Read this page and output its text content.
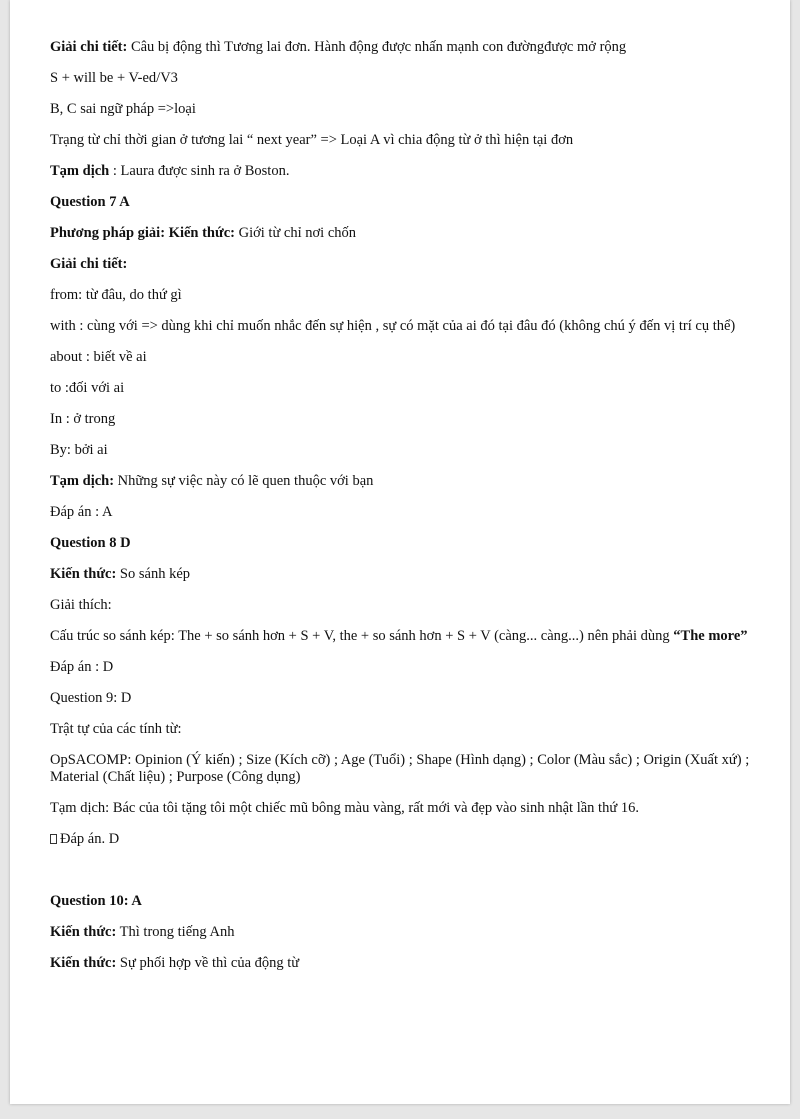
Giải chi tiết: Câu bị động thì Tương lai đơn. Hành động được nhấn mạnh con đườngđược mở rộng
S + will be + V-ed/V3
B, C sai ngữ pháp =>loại
Trạng từ chỉ thời gian ở tương lai “ next year” => Loại A vì chia động từ ở thì hiện tại đơn
Tạm dịch : Laura được sinh ra ở Boston.
Question 7 A
Phương pháp giải: Kiến thức: Giới từ chỉ nơi chốn
Giải chi tiết:
from: từ đâu, do thứ gì
with : cùng với => dùng khi chỉ muốn nhắc đến sự hiện , sự có mặt của ai đó tại đâu đó (không chú ý đến vị trí cụ thể)
about : biết về ai
to :đối với ai
In : ở trong
By: bởi ai
Tạm dịch: Những sự việc này có lẽ quen thuộc với bạn
Đáp án : A
Question 8 D
Kiến thức: So sánh kép
Giải thích:
Cấu trúc so sánh kép: The + so sánh hơn + S + V, the + so sánh hơn + S + V (càng... càng...) nên phải dùng “The more”
Đáp án : D
Question 9: D
Trật tự của các tính từ:
OpSACOMP: Opinion (Ý kiến) ; Size (Kích cỡ) ; Age (Tuổi) ; Shape (Hình dạng) ; Color (Màu sắc) ; Origin (Xuất xứ) ; Material (Chất liệu) ; Purpose (Công dụng)
Tạm dịch: Bác của tôi tặng tôi một chiếc mũ bông màu vàng, rất mới và đẹp vào sinh nhật lần thứ 16.
Đáp án. D
Question 10: A
Kiến thức: Thì trong tiếng Anh
Kiến thức: Sự phối hợp về thì của động từ
